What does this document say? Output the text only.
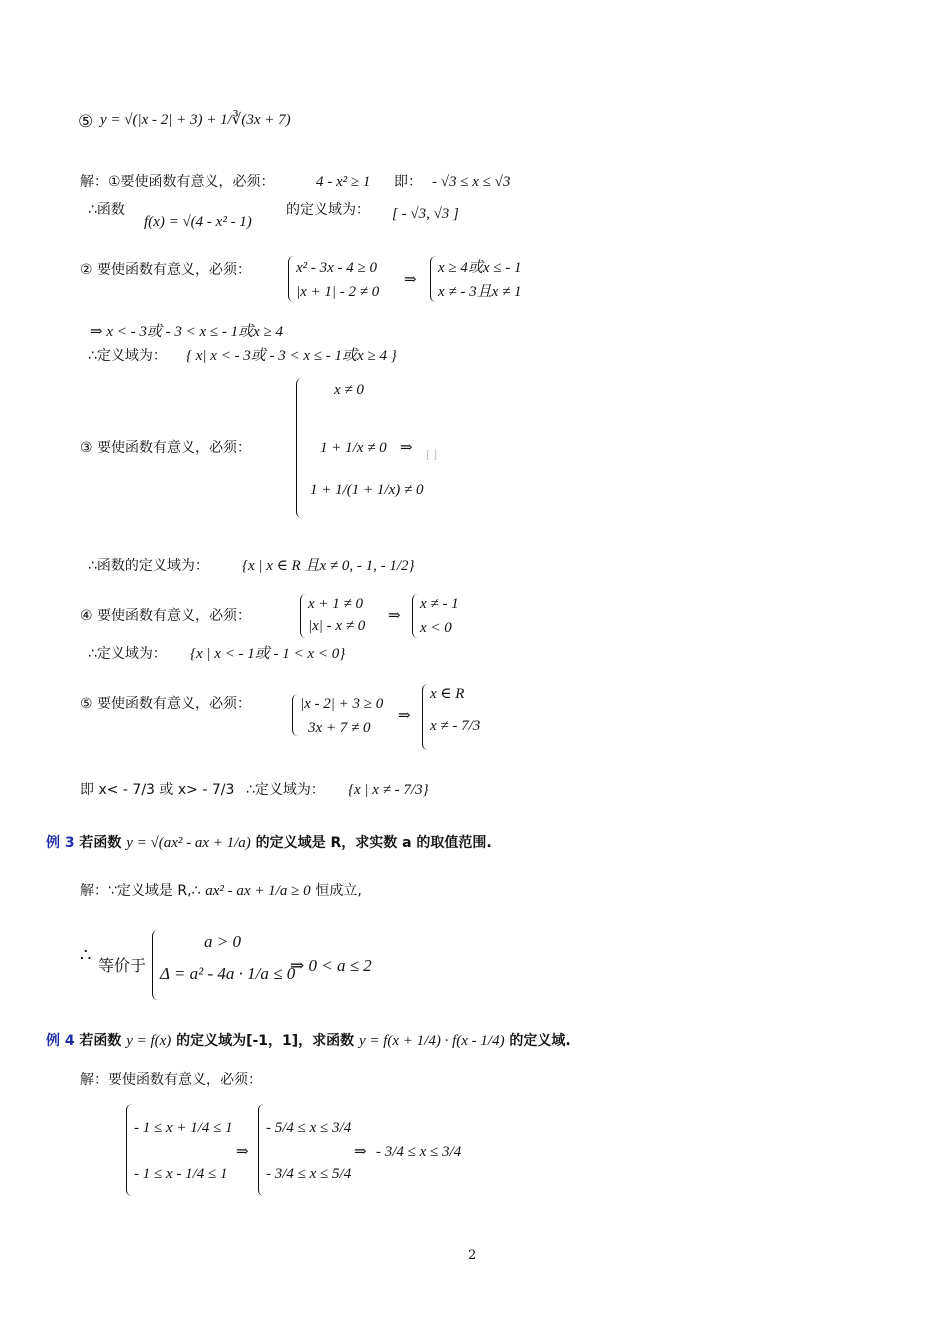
⑤ y = √(|x - 2| + 3) + 1/∛(3x + 7)
解：①要使函数有意义，必须：	4 - x² ≥ 1 即： - √3 ≤ x ≤ √3
∴函数
f(x) = √(4 - x² - 1)
的定义域为： [ - √3, √3 ]
② 要使函数有意义，必须：	x² - 3x - 4 ≥ 0
|x + 1| - 2 ≠ 0
⇒
x ≥ 4或x ≤ - 1
x ≠ - 3且x ≠ 1
⇒ x < - 3或 - 3 < x ≤ - 1或x ≥ 4
∴定义域为： { x| x < - 3或 - 3 < x ≤ - 1或x ≥ 4 }
③ 要使函数有意义，必须：
x ≠ 0
1 + 1/x ≠ 0
1 + 1/(1 + 1/x) ≠ 0
⇒ [ ]
∴函数的定义域为： {x | x ∈ R 且x ≠ 0, - 1, - 1/2}
④ 要使函数有意义，必须：
x + 1 ≠ 0
|x| - x ≠ 0
⇒
x ≠ - 1
x < 0
∴定义域为： {x | x < - 1或 - 1 < x < 0}
⑤ 要使函数有意义，必须：	|x - 2| + 3 ≥ 0
3x + 7 ≠ 0
⇒
x ∈ R
x ≠ - 7/3
即 x< - 7/3 或 x> - 7/3 ∴定义域为： {x | x ≠ - 7/3}
例 3 若函数 y = √(ax² - ax + 1/a) 的定义域是 R，求实数 a 的取值范围.
解：∵定义域是 R,∴ ax² - ax + 1/a ≥ 0 恒成立,
∴ 等价于
a > 0
Δ = a² - 4a · 1/a ≤ 0
⇒ 0 < a ≤ 2
例 4 若函数 y = f(x) 的定义域为[-1，1]，求函数 y = f(x + 1/4) · f(x - 1/4) 的定义域.
解：要使函数有意义，必须：
- 1 ≤ x + 1/4 ≤ 1
- 1 ≤ x - 1/4 ≤ 1
⇒
- 5/4 ≤ x ≤ 3/4
- 3/4 ≤ x ≤ 5/4
⇒ - 3/4 ≤ x ≤ 3/4
2
